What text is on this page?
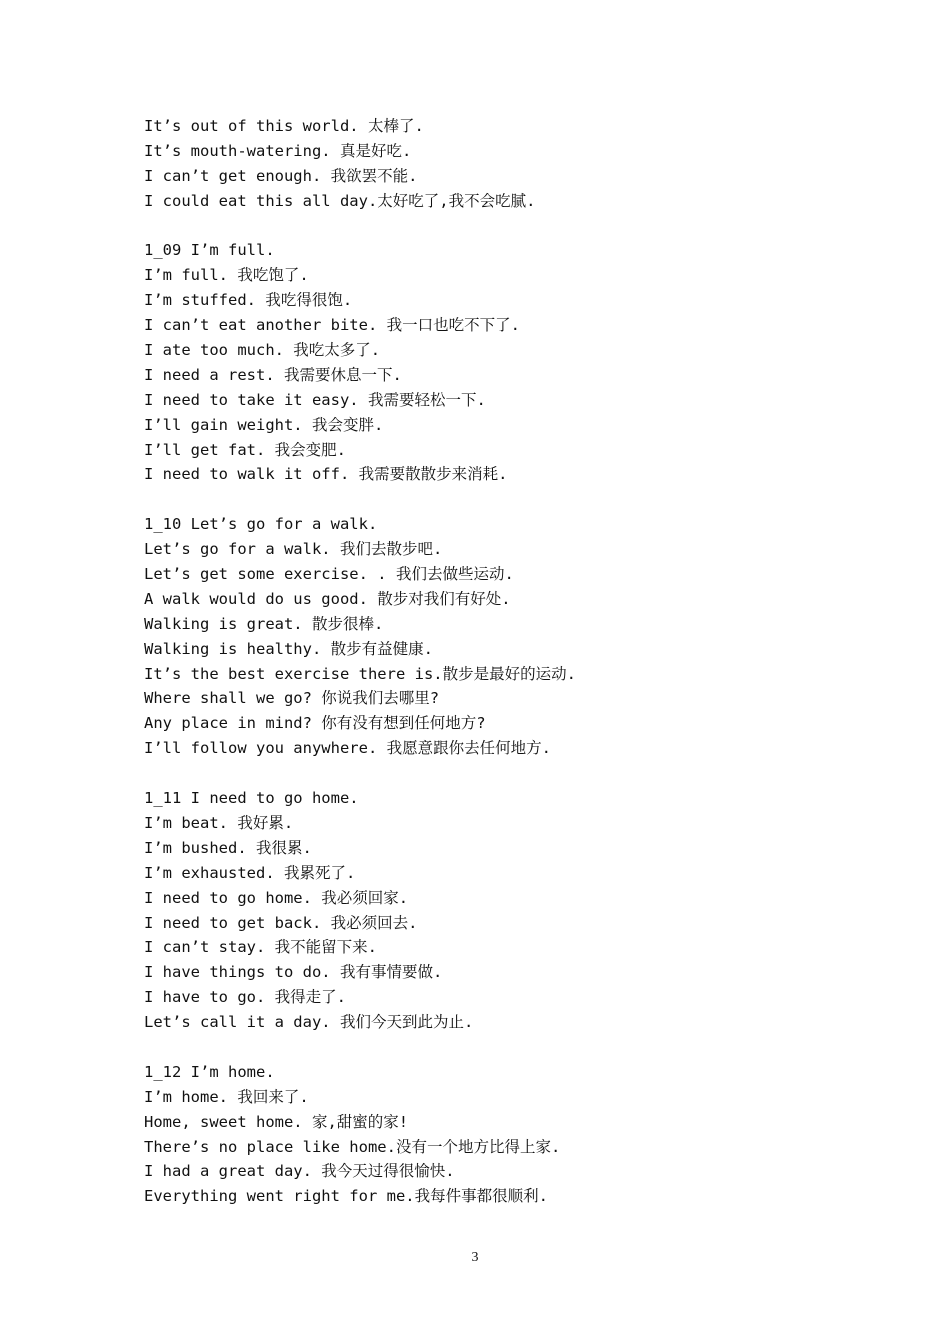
It’s out of this world. 太棒了.
It’s mouth-watering. 真是好吃.
I can’t get enough. 我欲罢不能.
I could eat this all day.太好吃了,我不会吃腻.
1_09 I’m full.
I’m full. 我吃饱了.
I’m stuffed. 我吃得很饱.
I can’t eat another bite. 我一口也吃不下了.
I ate too much. 我吃太多了.
I need a rest. 我需要休息一下.
I need to take it easy. 我需要轻松一下.
I’ll gain weight. 我会变胖.
I’ll get fat. 我会变肥.
I need to walk it off. 我需要散散步来消耗.
1_10 Let’s go for a walk.
Let’s go for a walk. 我们去散步吧.
Let’s get some exercise. . 我们去做些运动.
A walk would do us good. 散步对我们有好处.
Walking is great. 散步很棒.
Walking is healthy. 散步有益健康.
It’s the best exercise there is.散步是最好的运动.
Where shall we go? 你说我们去哪里?
Any place in mind? 你有没有想到任何地方?
I’ll follow you anywhere. 我愿意跟你去任何地方.
1_11 I need to go home.
I’m beat. 我好累.
I’m bushed. 我很累.
I’m exhausted. 我累死了.
I need to go home. 我必须回家.
I need to get back. 我必须回去.
I can’t stay. 我不能留下来.
I have things to do. 我有事情要做.
I have to go. 我得走了.
Let’s call it a day. 我们今天到此为止.
1_12 I’m home.
I’m home. 我回来了.
Home, sweet home. 家,甜蜜的家!
There’s no place like home.没有一个地方比得上家.
I had a great day. 我今天过得很愉快.
Everything went right for me.我每件事都很顺利.
3
